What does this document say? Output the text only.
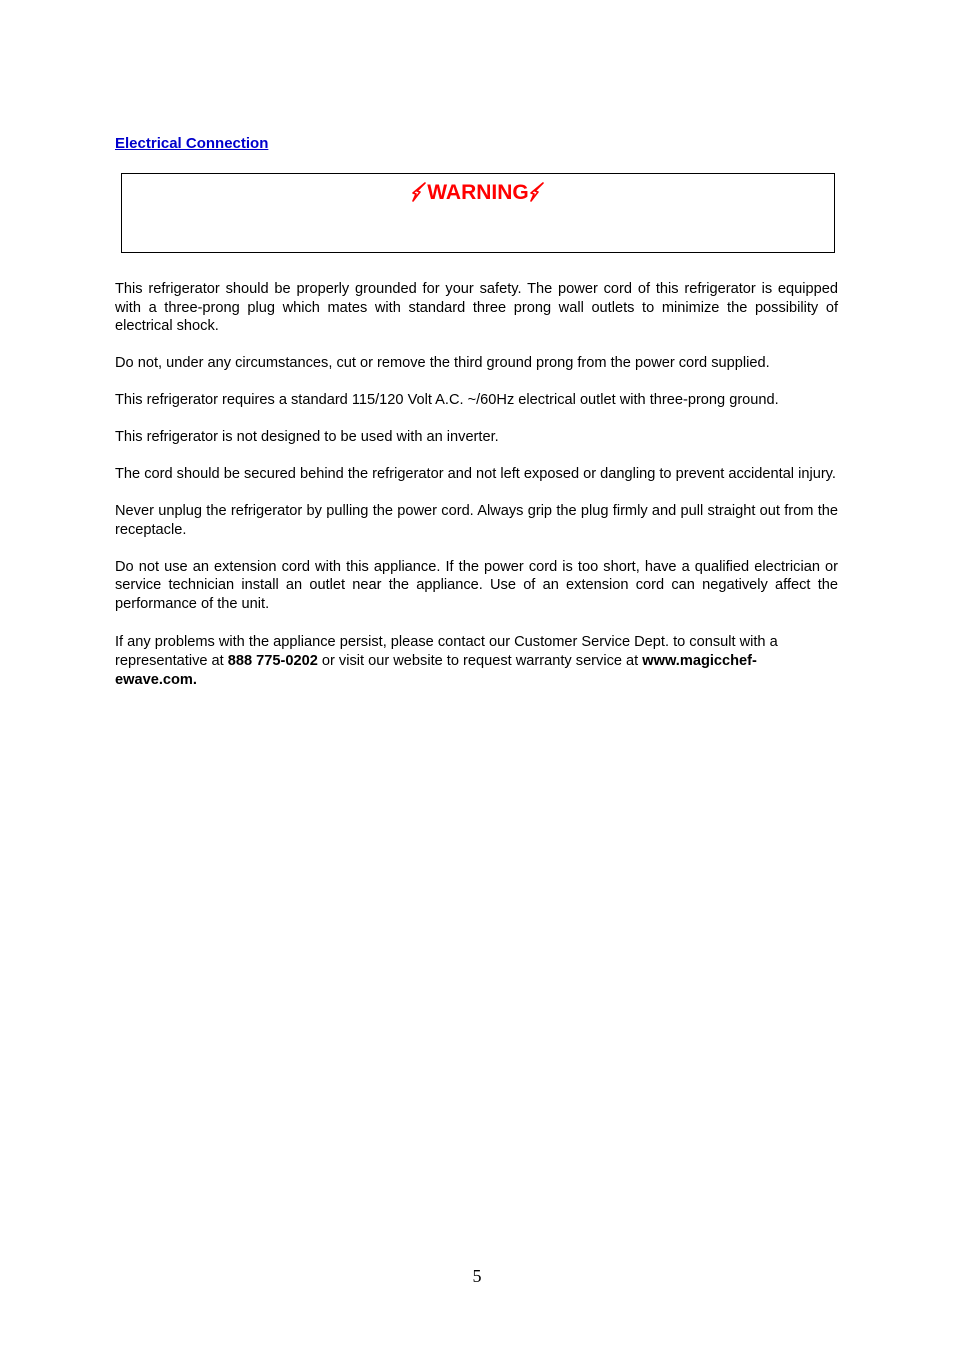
Electrical Connection
WARNING

This refrigerator should be properly grounded for your safety. The power cord of this refrigerator is equipped with a three-prong plug which mates with standard three prong wall outlets to minimize the possibility of electrical shock.

Do not, under any circumstances, cut or remove the third ground prong from the power cord supplied.

This refrigerator requires a standard 115/120 Volt A.C. ~/60Hz electrical outlet with three-prong ground.

This refrigerator is not designed to be used with an inverter.

The cord should be secured behind the refrigerator and not left exposed or dangling to prevent accidental injury.

Never unplug the refrigerator by pulling the power cord. Always grip the plug firmly and pull straight out from the receptacle.

Do not use an extension cord with this appliance. If the power cord is too short, have a qualified electrician or service technician install an outlet near the appliance. Use of an extension cord can negatively affect the performance of the unit.

If any problems with the appliance persist, please contact our Customer Service Dept. to consult with a representative at 888 775-0202 or visit our website to request warranty service at www.magicchef-ewave.com.

5
